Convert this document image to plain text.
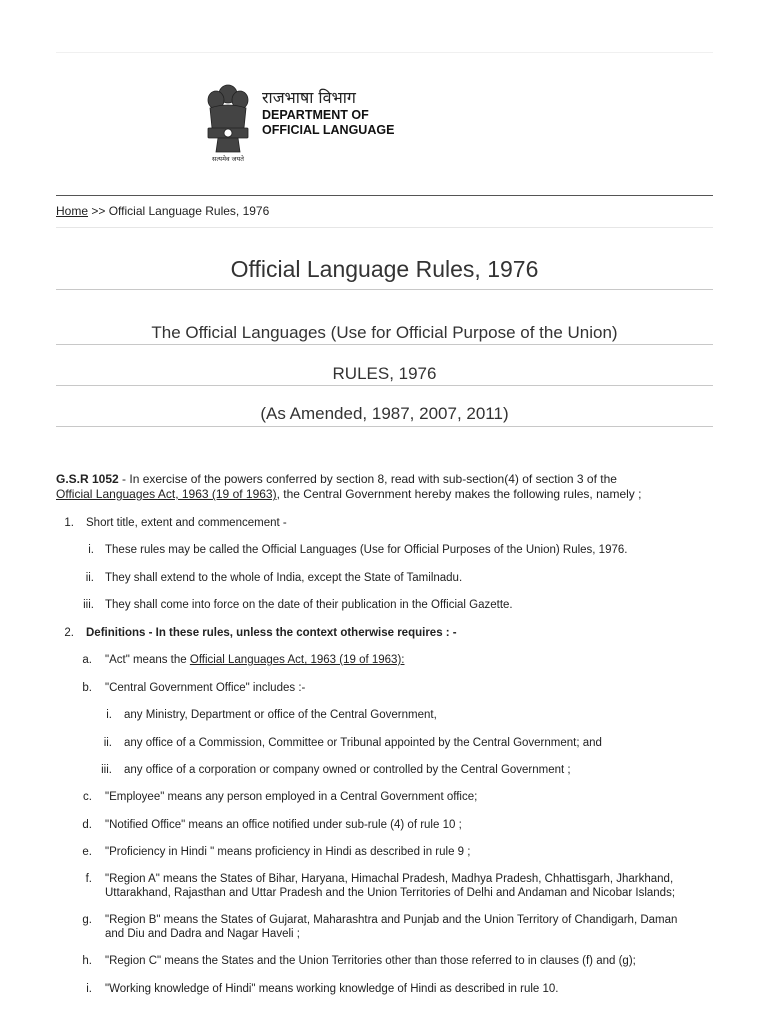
सत्यमेव जयते
राजभाषा विभाग
DEPARTMENT OF
OFFICIAL LANGUAGE
Home >> Official Language Rules, 1976
Official Language Rules, 1976
The Official Languages (Use for Official Purpose of the Union)
RULES, 1976
(As Amended, 1987, 2007, 2011)

G.S.R 1052 - In exercise of the powers conferred by section 8, read with sub-section(4) of section 3 of the
Official Languages Act, 1963 (19 of 1963), the Central Government hereby makes the following rules, namely ;

1. Short title, extent and commencement -
i. These rules may be called the Official Languages (Use for Official Purposes of the Union) Rules, 1976.
ii. They shall extend to the whole of India, except the State of Tamilnadu.
iii. They shall come into force on the date of their publication in the Official Gazette.
2. Definitions - In these rules, unless the context otherwise requires : -
a. "Act" means the Official Languages Act, 1963 (19 of 1963):
b. "Central Government Office" includes :-
i. any Ministry, Department or office of the Central Government,
ii. any office of a Commission, Committee or Tribunal appointed by the Central Government; and
iii. any office of a corporation or company owned or controlled by the Central Government ;
c. "Employee" means any person employed in a Central Government office;
d. "Notified Office" means an office notified under sub-rule (4) of rule 10 ;
e. "Proficiency in Hindi " means proficiency in Hindi as described in rule 9 ;
f. "Region A" means the States of Bihar, Haryana, Himachal Pradesh, Madhya Pradesh, Chhattisgarh, Jharkhand,
Uttarakhand, Rajasthan and Uttar Pradesh and the Union Territories of Delhi and Andaman and Nicobar Islands;
g. "Region B" means the States of Gujarat, Maharashtra and Punjab and the Union Territory of Chandigarh, Daman
and Diu and Dadra and Nagar Haveli ;
h. "Region C" means the States and the Union Territories other than those referred to in clauses (f) and (g);
i. "Working knowledge of Hindi" means working knowledge of Hindi as described in rule 10.
